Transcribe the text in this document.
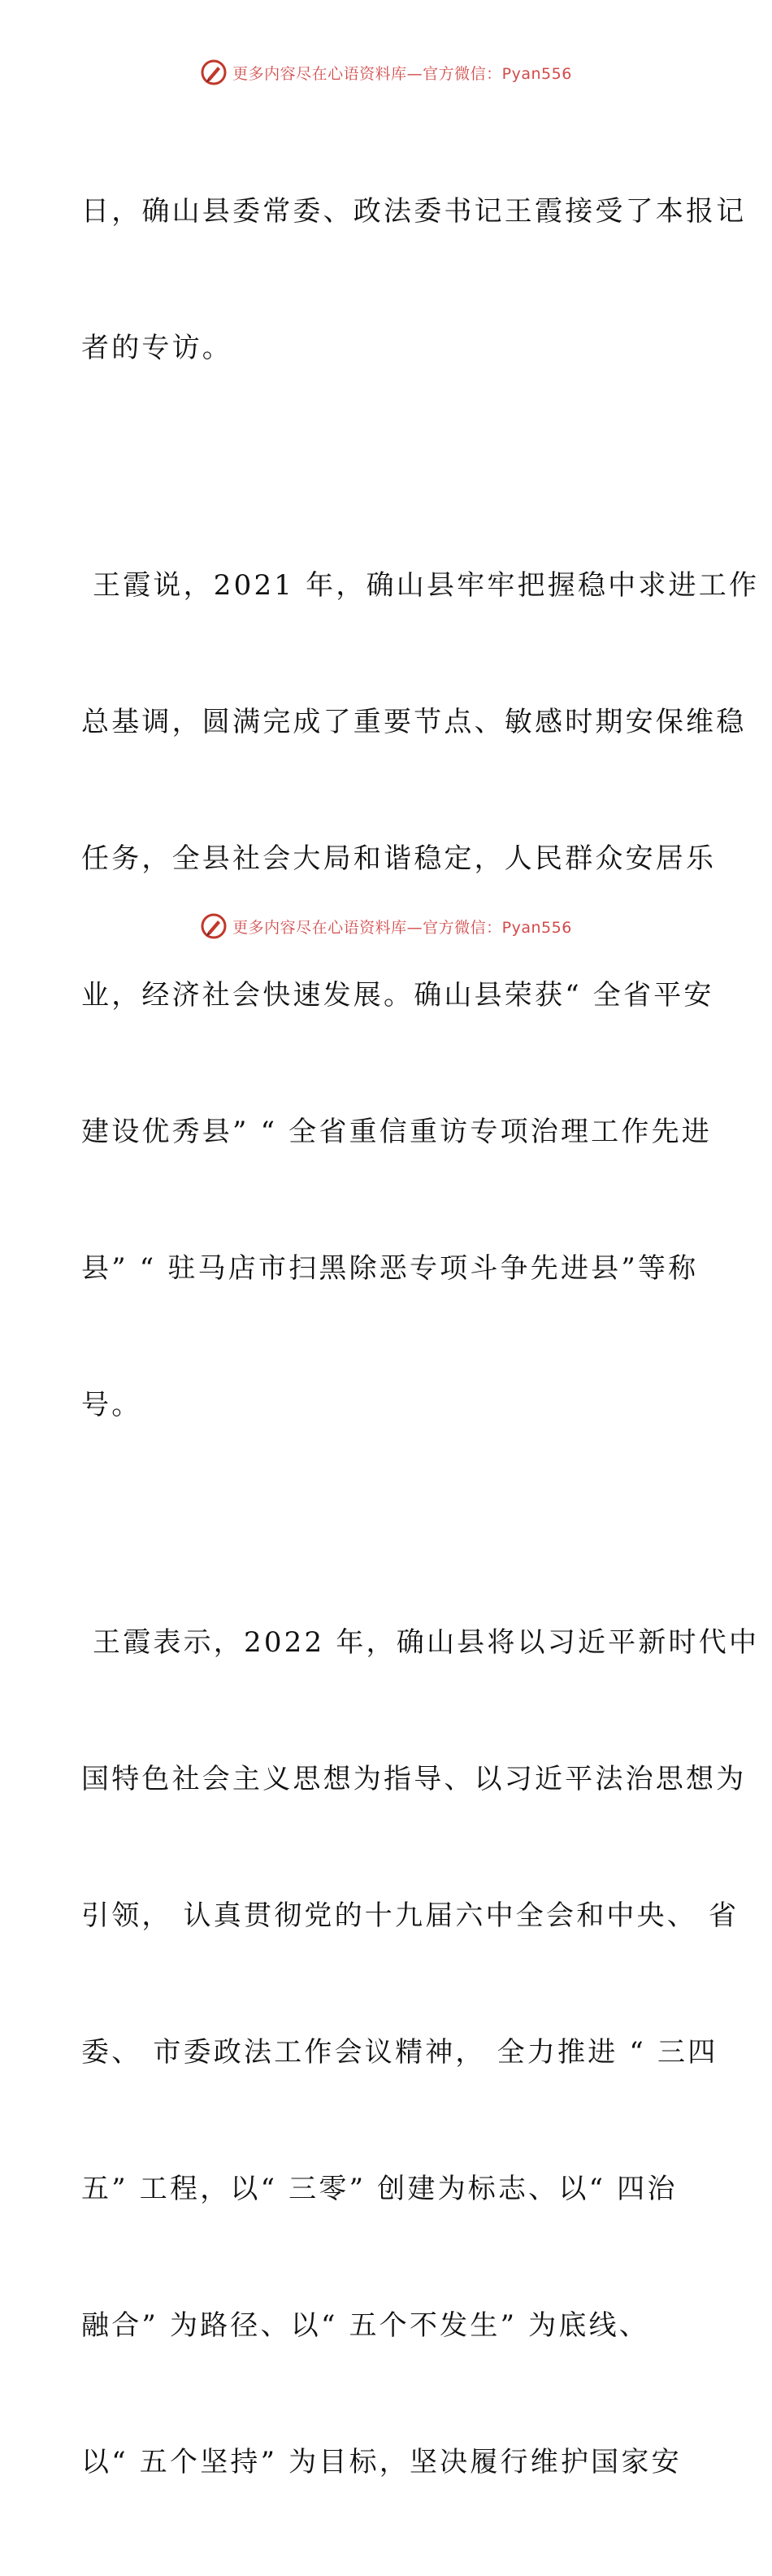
更多内容尽在心语资料库—官方微信：Pyan556

日，确山县委常委、政法委书记王霞接受了本报记

者的专访。

王霞说，2021 年，确山县牢牢把握稳中求进工作

总基调，圆满完成了重要节点、敏感时期安保维稳

任务，全县社会大局和谐稳定，人民群众安居乐

业，经济社会快速发展。确山县荣获“ 全省平安

建设优秀县” “ 全省重信重访专项治理工作先进

县” “ 驻马店市扫黑除恶专项斗争先进县”等称

号。

王霞表示，2022 年，确山县将以习近平新时代中

国特色社会主义思想为指导、以习近平法治思想为

引领， 认真贯彻党的十九届六中全会和中央、 省

委、 市委政法工作会议精神， 全力推进 “ 三四

五” 工程，以“ 三零” 创建为标志、以“ 四治

融合” 为路径、以“ 五个不发生” 为底线、

以“ 五个坚持” 为目标，坚决履行维护国家安

更多内容尽在心语资料库—官方微信：Pyan556
